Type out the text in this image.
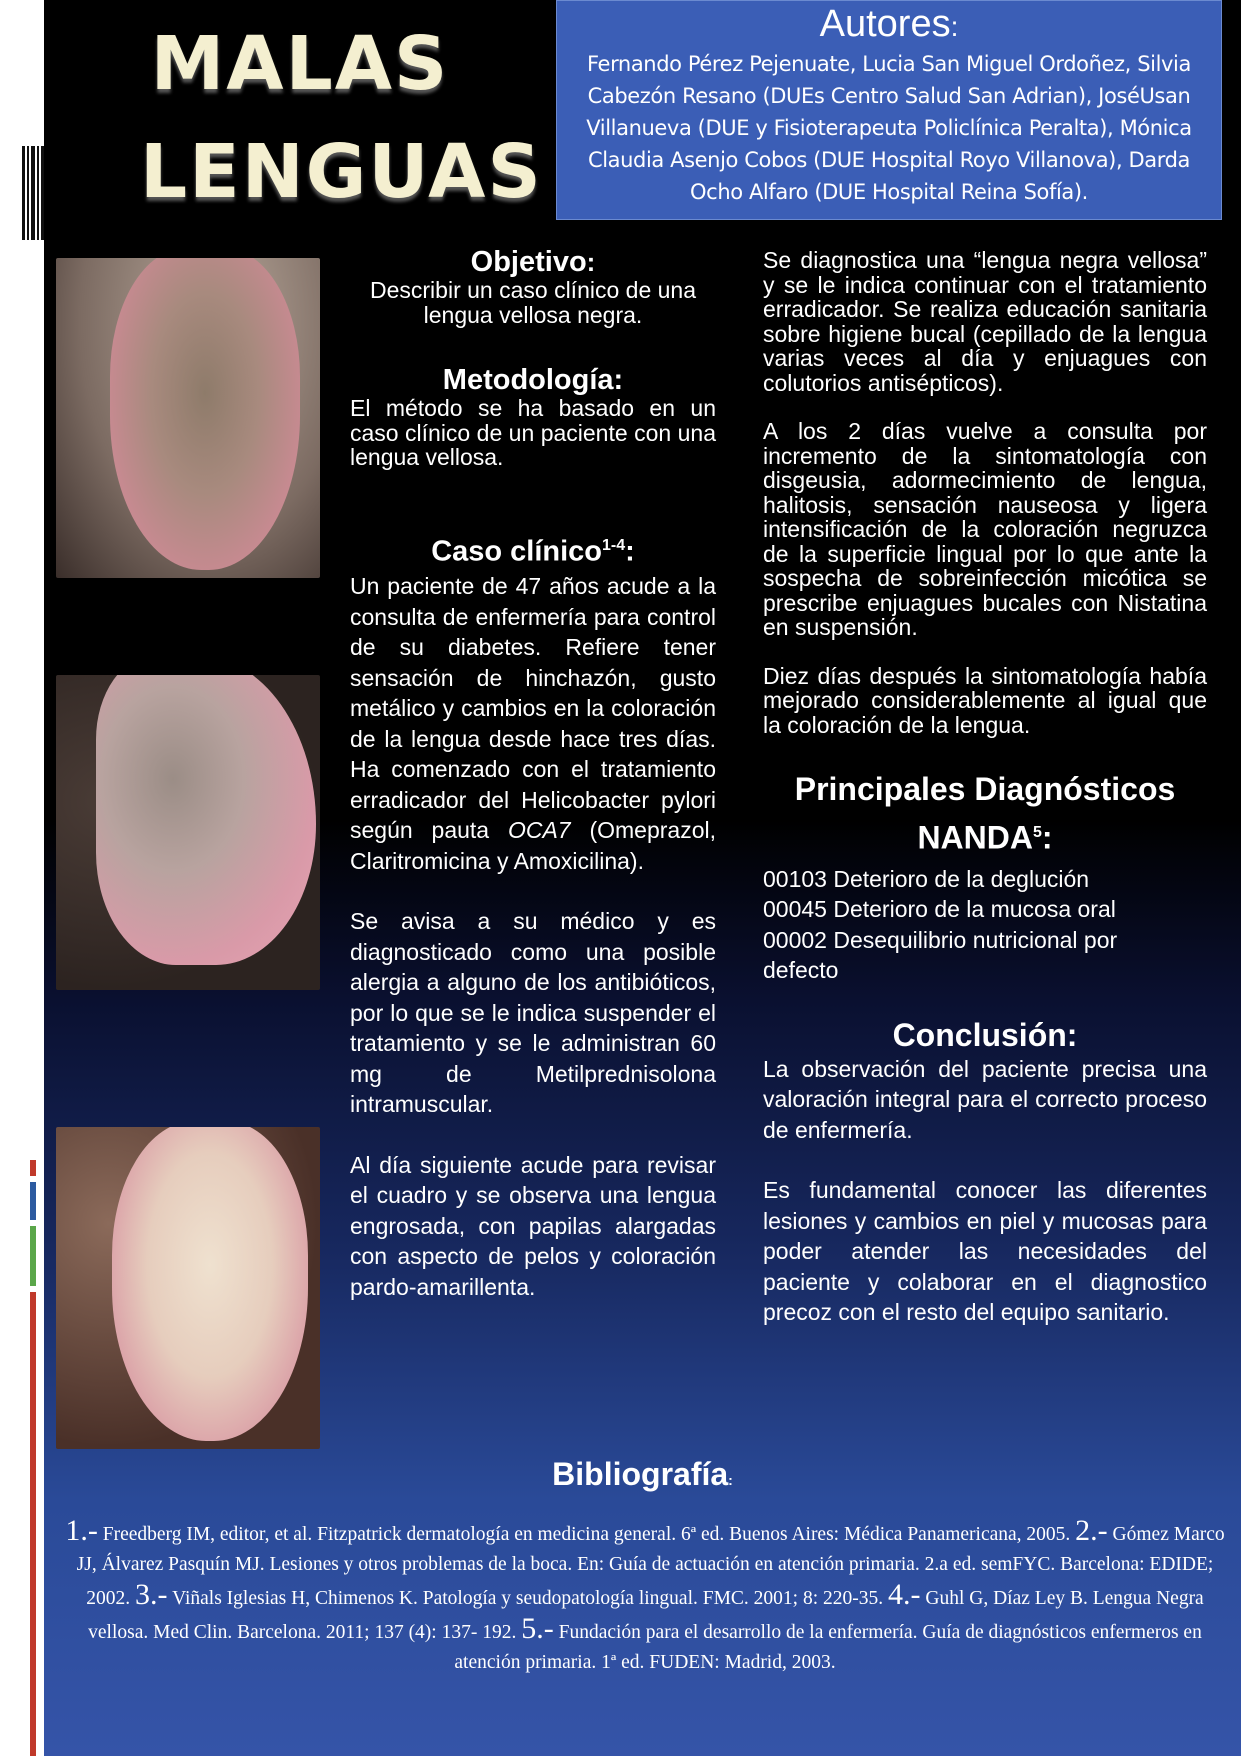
MALAS
LENGUAS
Autores:
Fernando Pérez Pejenuate, Lucia San Miguel Ordoñez, Silvia Cabezón Resano (DUEs Centro Salud San Adrian), JoséUsan Villanueva (DUE y Fisioterapeuta Policlínica Peralta), Mónica Claudia Asenjo Cobos (DUE Hospital Royo Villanova), Darda Ocho Alfaro (DUE Hospital Reina Sofía).
Objetivo:
Describir un caso clínico de una lengua vellosa negra.
Metodología:

El método se ha basado en un caso clínico de un paciente con una lengua vellosa.

Caso clínico$^{1-4}$:

Un paciente de 47 años acude a la consulta de enfermería para control de su diabetes. Refiere tener sensación de hinchazón, gusto metálico y cambios en la coloración de la lengua desde hace tres días. Ha comenzado con el tratamiento erradicador del Helicobacter pylori según pauta OCA7 (Omeprazol, Claritromicina y Amoxicilina).

Se avisa a su médico y es diagnosticado como una posible alergia a alguno de los antibióticos, por lo que se le indica suspender el tratamiento y se le administran 60 mg de Metilprednisolona intramuscular.

Al día siguiente acude para revisar el cuadro y se observa una lengua engrosada, con papilas alargadas con aspecto de pelos y coloración pardo-amarillenta.

Se diagnostica una “lengua negra vellosa” y se le indica continuar con el tratamiento erradicador. Se realiza educación sanitaria sobre higiene bucal (cepillado de la lengua varias veces al día y enjuagues con colutorios antisépticos).

A los 2 días vuelve a consulta por incremento de la sintomatología con disgeusia, adormecimiento de lengua, halitosis, sensación nauseosa y ligera intensificación de la coloración negruzca de la superficie lingual por lo que ante la sospecha de sobreinfección micótica se prescribe enjuagues bucales con Nistatina en suspensión.

Diez días después la sintomatología había mejorado considerablemente al igual que la coloración de la lengua.

Principales Diagnósticos
NANDA$^5$:
00103 Deterioro de la deglución
00045 Deterioro de la mucosa oral
00002 Desequilibrio nutricional por defecto
Conclusión:

La observación del paciente precisa una valoración integral para el correcto proceso de enfermería.

Es fundamental conocer las diferentes lesiones y cambios en piel y mucosas para poder atender las necesidades del paciente y colaborar en el diagnostico precoz con el resto del equipo sanitario.

Bibliografía:
1.- Freedberg IM, editor, et al. Fitzpatrick dermatología en medicina general. 6ª ed. Buenos Aires: Médica Panamericana, 2005. 2.- Gómez Marco JJ, Álvarez Pasquín MJ. Lesiones y otros problemas de la boca. En: Guía de actuación en atención primaria. 2.a ed. semFYC. Barcelona: EDIDE; 2002. 3.- Viñals Iglesias H, Chimenos K. Patología y seudopatología lingual. FMC. 2001; 8: 220-35. 4.- Guhl G, Díaz Ley B. Lengua Negra vellosa. Med Clin. Barcelona. 2011; 137 (4): 137- 192. 5.- Fundación para el desarrollo de la enfermería. Guía de diagnósticos enfermeros en atención primaria. 1ª ed. FUDEN: Madrid, 2003.
